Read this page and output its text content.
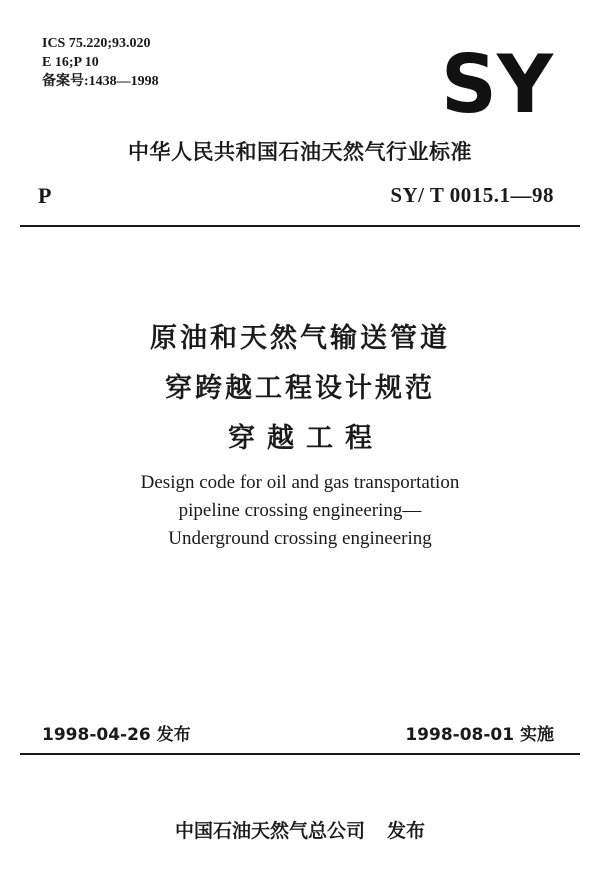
ICS 75.220;93.020
E 16;P 10
备案号:1438—1998	SY
中华人民共和国石油天然气行业标准
P	SY/ T 0015.1—98
原油和天然气输送管道
穿跨越工程设计规范
穿越工程
Design code for oil and gas transportation
pipeline crossing engineering—
Underground crossing engineering
1998-04-26 发布	1998-08-01 实施
中国石油天然气总公司 发布
